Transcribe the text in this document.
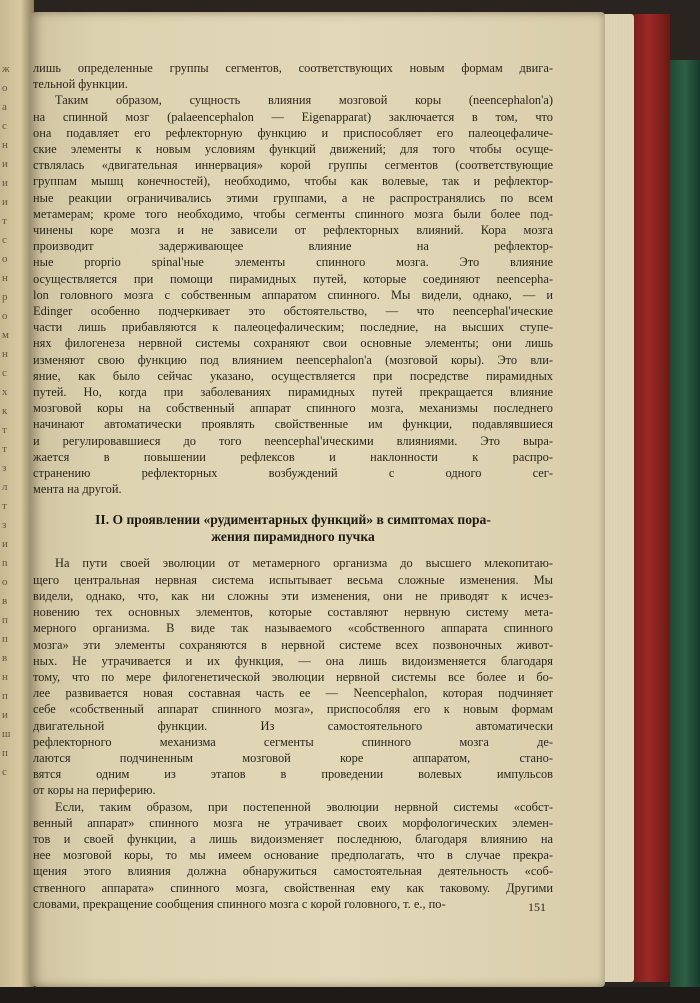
ж
о
а
с
н
и
и
и
т
с
о
н
р
о
м
н
с
х
к
т
т
з
л
т
з
и
n
о
в
п
п
в
н
п
и
ш
п
с

лишь определенные группы сегментов, соответствующих новым формам двига-
тельной функции.

Таким образом, сущность влияния мозговой коры (neencephalon'a)
на спинной мозг (palaeencephalon — Eigenapparat) заключается в том, что
она подавляет его рефлекторную функцию и приспособляет его палеоцефаличе-
ские элементы к новым условиям функций движений; для того чтобы осуще-
ствлялась «двигательная иннервация» корой группы сегментов (соответствующие
группам мышц конечностей), необходимо, чтобы как волевые, так и рефлектор-
ные реакции ограничивались этими группами, а не распространялись по всем
метамерам; кроме того необходимо, чтобы сегменты спинного мозга были более под-
чинены коре мозга и не зависели от рефлекторных влияний. Кора мозга
производит задерживающее влияние на рефлектор-
ные proprio spinal'ные элементы спинного мозга. Это влияние
осуществляется при помощи пирамидных путей, которые соединяют neencepha-
lon головного мозга с собственным аппаратом спинного. Мы видели, однако, — и
Edinger особенно подчеркивает это обстоятельство, — что neencephal'ические
части лишь прибавляются к палеоцефалическим; последние, на высших ступе-
нях филогенеза нервной системы сохраняют свои основные элементы; они лишь
изменяют свою функцию под влиянием neencephalon'a (мозговой коры). Это вли-
яние, как было сейчас указано, осуществляется при посредстве пирамидных
путей. Но, когда при заболеваниях пирамидных путей прекращается влияние
мозговой коры на собственный аппарат спинного мозга, механизмы последнего
начинают автоматически проявлять свойственные им функции, подавлявшиеся
и регулировавшиеся до того neencephal'ическими влияниями. Это выра-
жается в повышении рефлексов и наклонности к распро-
странению рефлекторных возбуждений с одного сег-
мента на другой.

II. О проявлении «рудиментарных функций» в симптомах пора-
жения пирамидного пучка

На пути своей эволюции от метамерного организма до высшего млекопитаю-
щего центральная нервная система испытывает весьма сложные изменения. Мы
видели, однако, что, как ни сложны эти изменения, они не приводят к исчез-
новению тех основных элементов, которые составляют нервную систему мета-
мерного организма. В виде так называемого «собственного аппарата спинного
мозга» эти элементы сохраняются в нервной системе всех позвоночных живот-
ных. Не утрачивается и их функция, — она лишь видоизменяется благодаря
тому, что по мере филогенетической эволюции нервной системы все более и бо-
лее развивается новая составная часть ее — Neencephalon, которая подчиняет
себе «собственный аппарат спинного мозга», приспособляя его к новым формам
двигательной функции. Из самостоятельного автоматически
рефлекторного механизма сегменты спинного мозга де-
лаются подчиненным мозговой коре аппаратом, стано-
вятся одним из этапов в проведении волевых импульсов
от коры на периферию.

Если, таким образом, при постепенной эволюции нервной системы «собст-
венный аппарат» спинного мозга не утрачивает своих морфологических элемен-
тов и своей функции, а лишь видоизменяет последнюю, благодаря влиянию на
нее мозговой коры, то мы имеем основание предполагать, что в случае прекра-
щения этого влияния должна обнаружиться самостоятельная деятельность «соб-
ственного аппарата» спинного мозга, свойственная ему как таковому. Другими
словами, прекращение сообщения спинного мозга с корой головного, т. е., по-	151
